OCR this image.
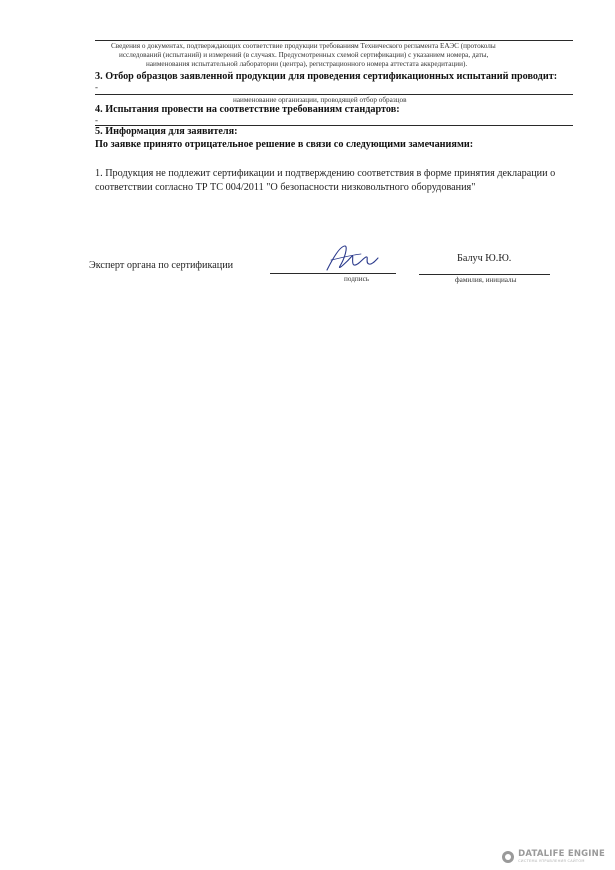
Сведения о документах, подтверждающих соответствие продукции требованиям Технического регламента ЕАЭС (протоколы
исследований (испытаний) и измерений (в случаях. Предусмотренных схемой сертификации) с указанием номера, даты,
наименования испытательной лаборатории (центра), регистрационного номера аттестата аккредитации).
3. Отбор образцов заявленной продукции для проведения сертификационных испытаний проводит:
-
наименование организации, проводящей отбор образцов
4. Испытания провести на соответствие требованиям стандартов:
-
5. Информация для заявителя:
По заявке принято отрицательное решение в связи со следующими замечаниями:
1. Продукция не подлежит сертификации и подтверждению соответствия в форме принятия декларации о
соответствии согласно ТР ТС 004/2011 "О безопасности низковольтного оборудования"
Эксперт органа по сертификации
подпись
Балуч Ю.Ю.
фамилия, инициалы
DATALIFE ENGINE
СИСТЕМА УПРАВЛЕНИЯ САЙТОМ
